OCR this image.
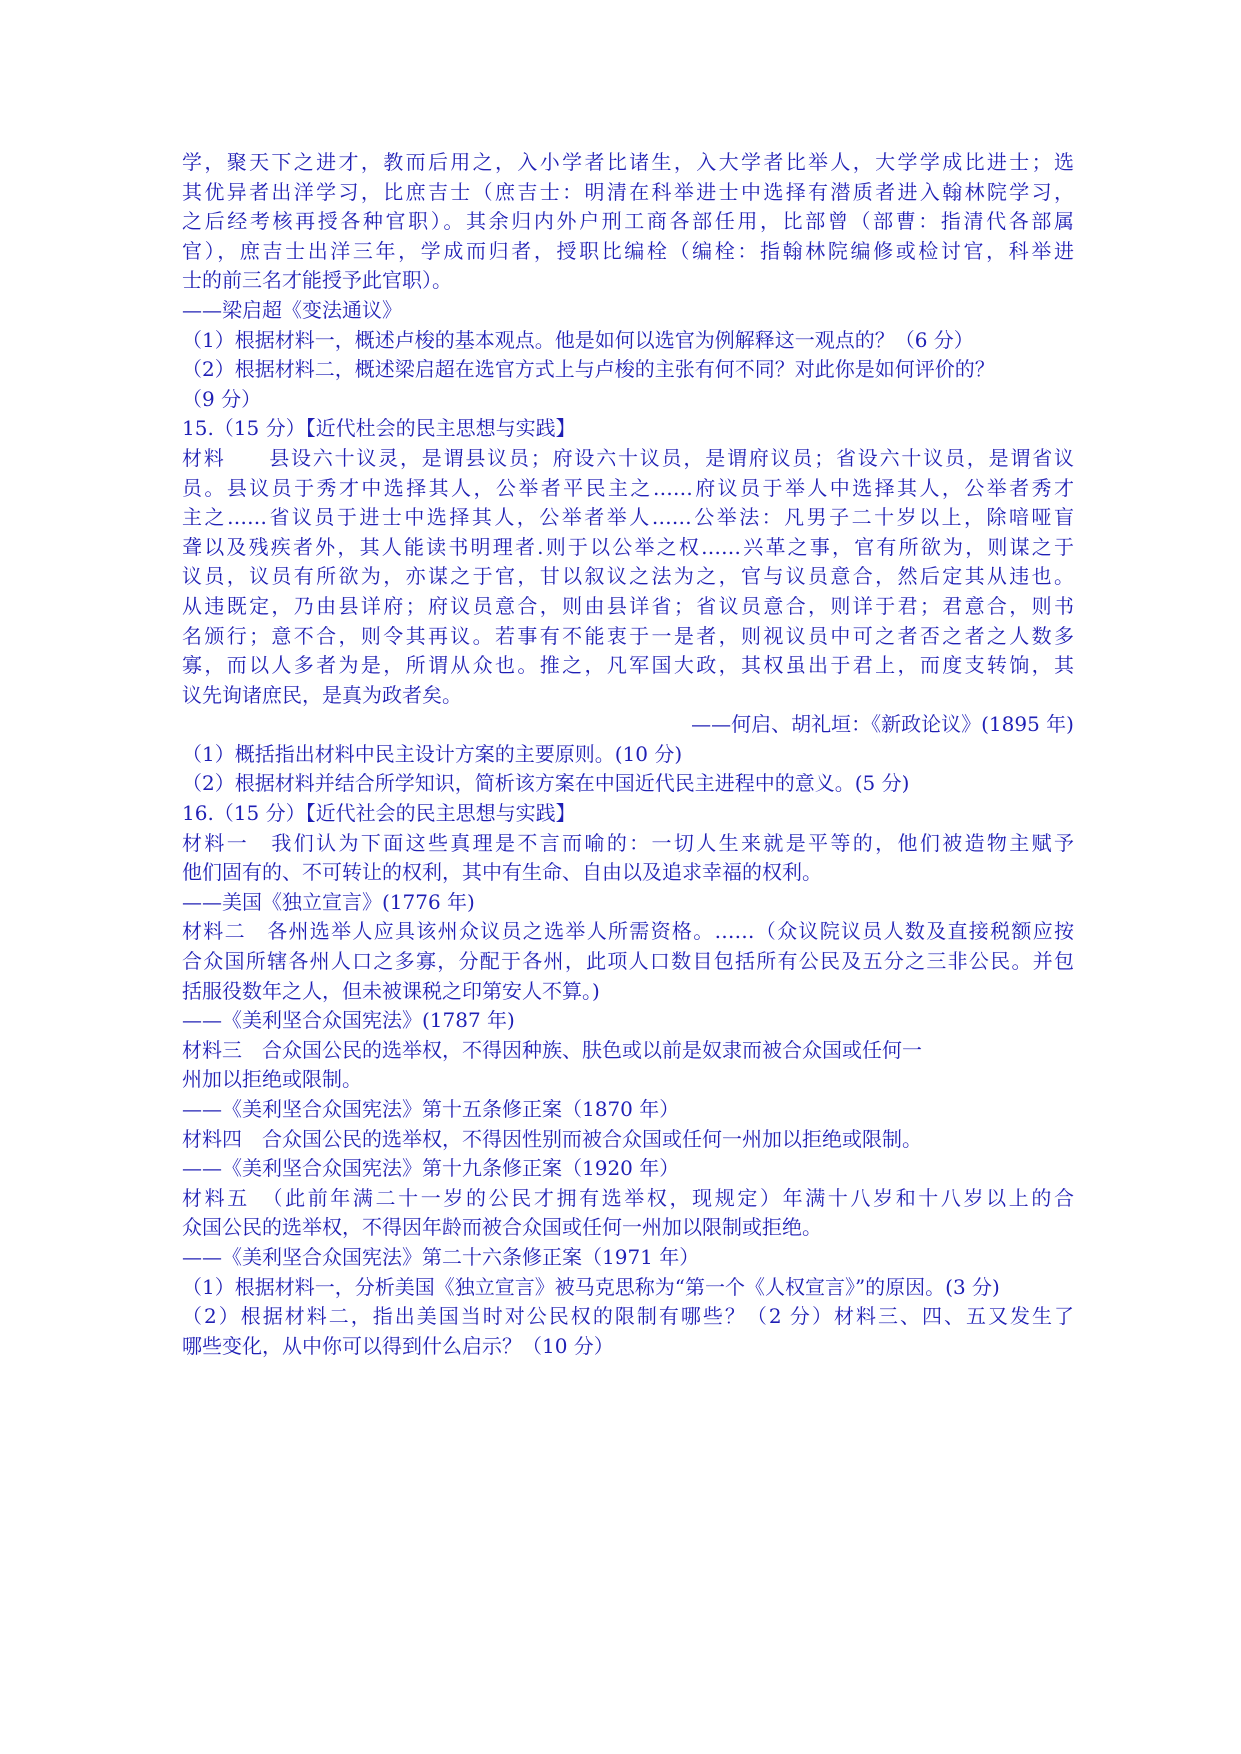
学，聚天下之进才，教而后用之，入小学者比诸生，入大学者比举人，大学学成比进士；选
其优异者出洋学习，比庶吉士（庶吉士：明清在科举进士中选择有潜质者进入翰林院学习，
之后经考核再授各种官职）。其余归内外户刑工商各部任用，比部曾（部曹：指清代各部属
官），庶吉士出洋三年，学成而归者，授职比编栓（编栓：指翰林院编修或检讨官，科举进
士的前三名才能授予此官职）。
——梁启超《变法通议》
（1）根据材料一，概述卢梭的基本观点。他是如何以选官为例解释这一观点的？（6 分）
（2）根据材料二，概述梁启超在选官方式上与卢梭的主张有何不同？对此你是如何评价的？
（9 分）
15.（15 分）【近代杜会的民主思想与实践】
材料　　县设六十议灵，是谓县议员；府设六十议员，是谓府议员；省设六十议员，是谓省议
员。县议员于秀才中选择其人，公举者平民主之……府议员于举人中选择其人，公举者秀才
主之……省议员于进士中选择其人，公举者举人……公举法：凡男子二十岁以上，除喑哑盲
聋以及残疾者外，其人能读书明理者.则于以公举之权……兴革之事，官有所欲为，则谋之于
议员，议员有所欲为，亦谋之于官，甘以叙议之法为之，官与议员意合，然后定其从违也。
从违既定，乃由县详府；府议员意合，则由县详省；省议员意合，则详于君；君意合，则书
名颁行；意不合，则令其再议。若事有不能衷于一是者，则视议员中可之者否之者之人数多
寡，而以人多者为是，所谓从众也。推之，凡军国大政，其权虽出于君上，而度支转饷，其
议先询诸庶民，是真为政者矣。
——何启、胡礼垣：《新政论议》(1895 年)
（1）概括指出材料中民主设计方案的主要原则。(10 分)
（2）根据材料并结合所学知识，简析该方案在中国近代民主进程中的意义。(5 分)
16.（15 分）【近代社会的民主思想与实践】
材料一　我们认为下面这些真理是不言而喻的：一切人生来就是平等的，他们被造物主赋予
他们固有的、不可转让的权利，其中有生命、自由以及追求幸福的权利。
——美国《独立宣言》(1776 年)
材料二　各州选举人应具该州众议员之选举人所需资格。……（众议院议员人数及直接税额应按
合众国所辖各州人口之多寡，分配于各州，此项人口数目包括所有公民及五分之三非公民。并包
括服役数年之人，但未被课税之印第安人不算。)
——《美利坚合众国宪法》(1787 年)
材料三　合众国公民的选举权，不得因种族、肤色或以前是奴隶而被合众国或任何一
州加以拒绝或限制。
——《美利坚合众国宪法》第十五条修正案（1870 年）
材料四　合众国公民的选举权，不得因性别而被合众国或任何一州加以拒绝或限制。
——《美利坚合众国宪法》第十九条修正案（1920 年）
材料五　（此前年满二十一岁的公民才拥有选举权，现规定）年满十八岁和十八岁以上的合
众国公民的选举权，不得因年龄而被合众国或任何一州加以限制或拒绝。
——《美利坚合众国宪法》第二十六条修正案（1971 年）
（1）根据材料一，分析美国《独立宣言》被马克思称为“第一个《人权宣言》”的原因。(3 分)
（2）根据材料二，指出美国当时对公民权的限制有哪些？（2 分）材料三、四、五又发生了
哪些变化，从中你可以得到什么启示？（10 分）
